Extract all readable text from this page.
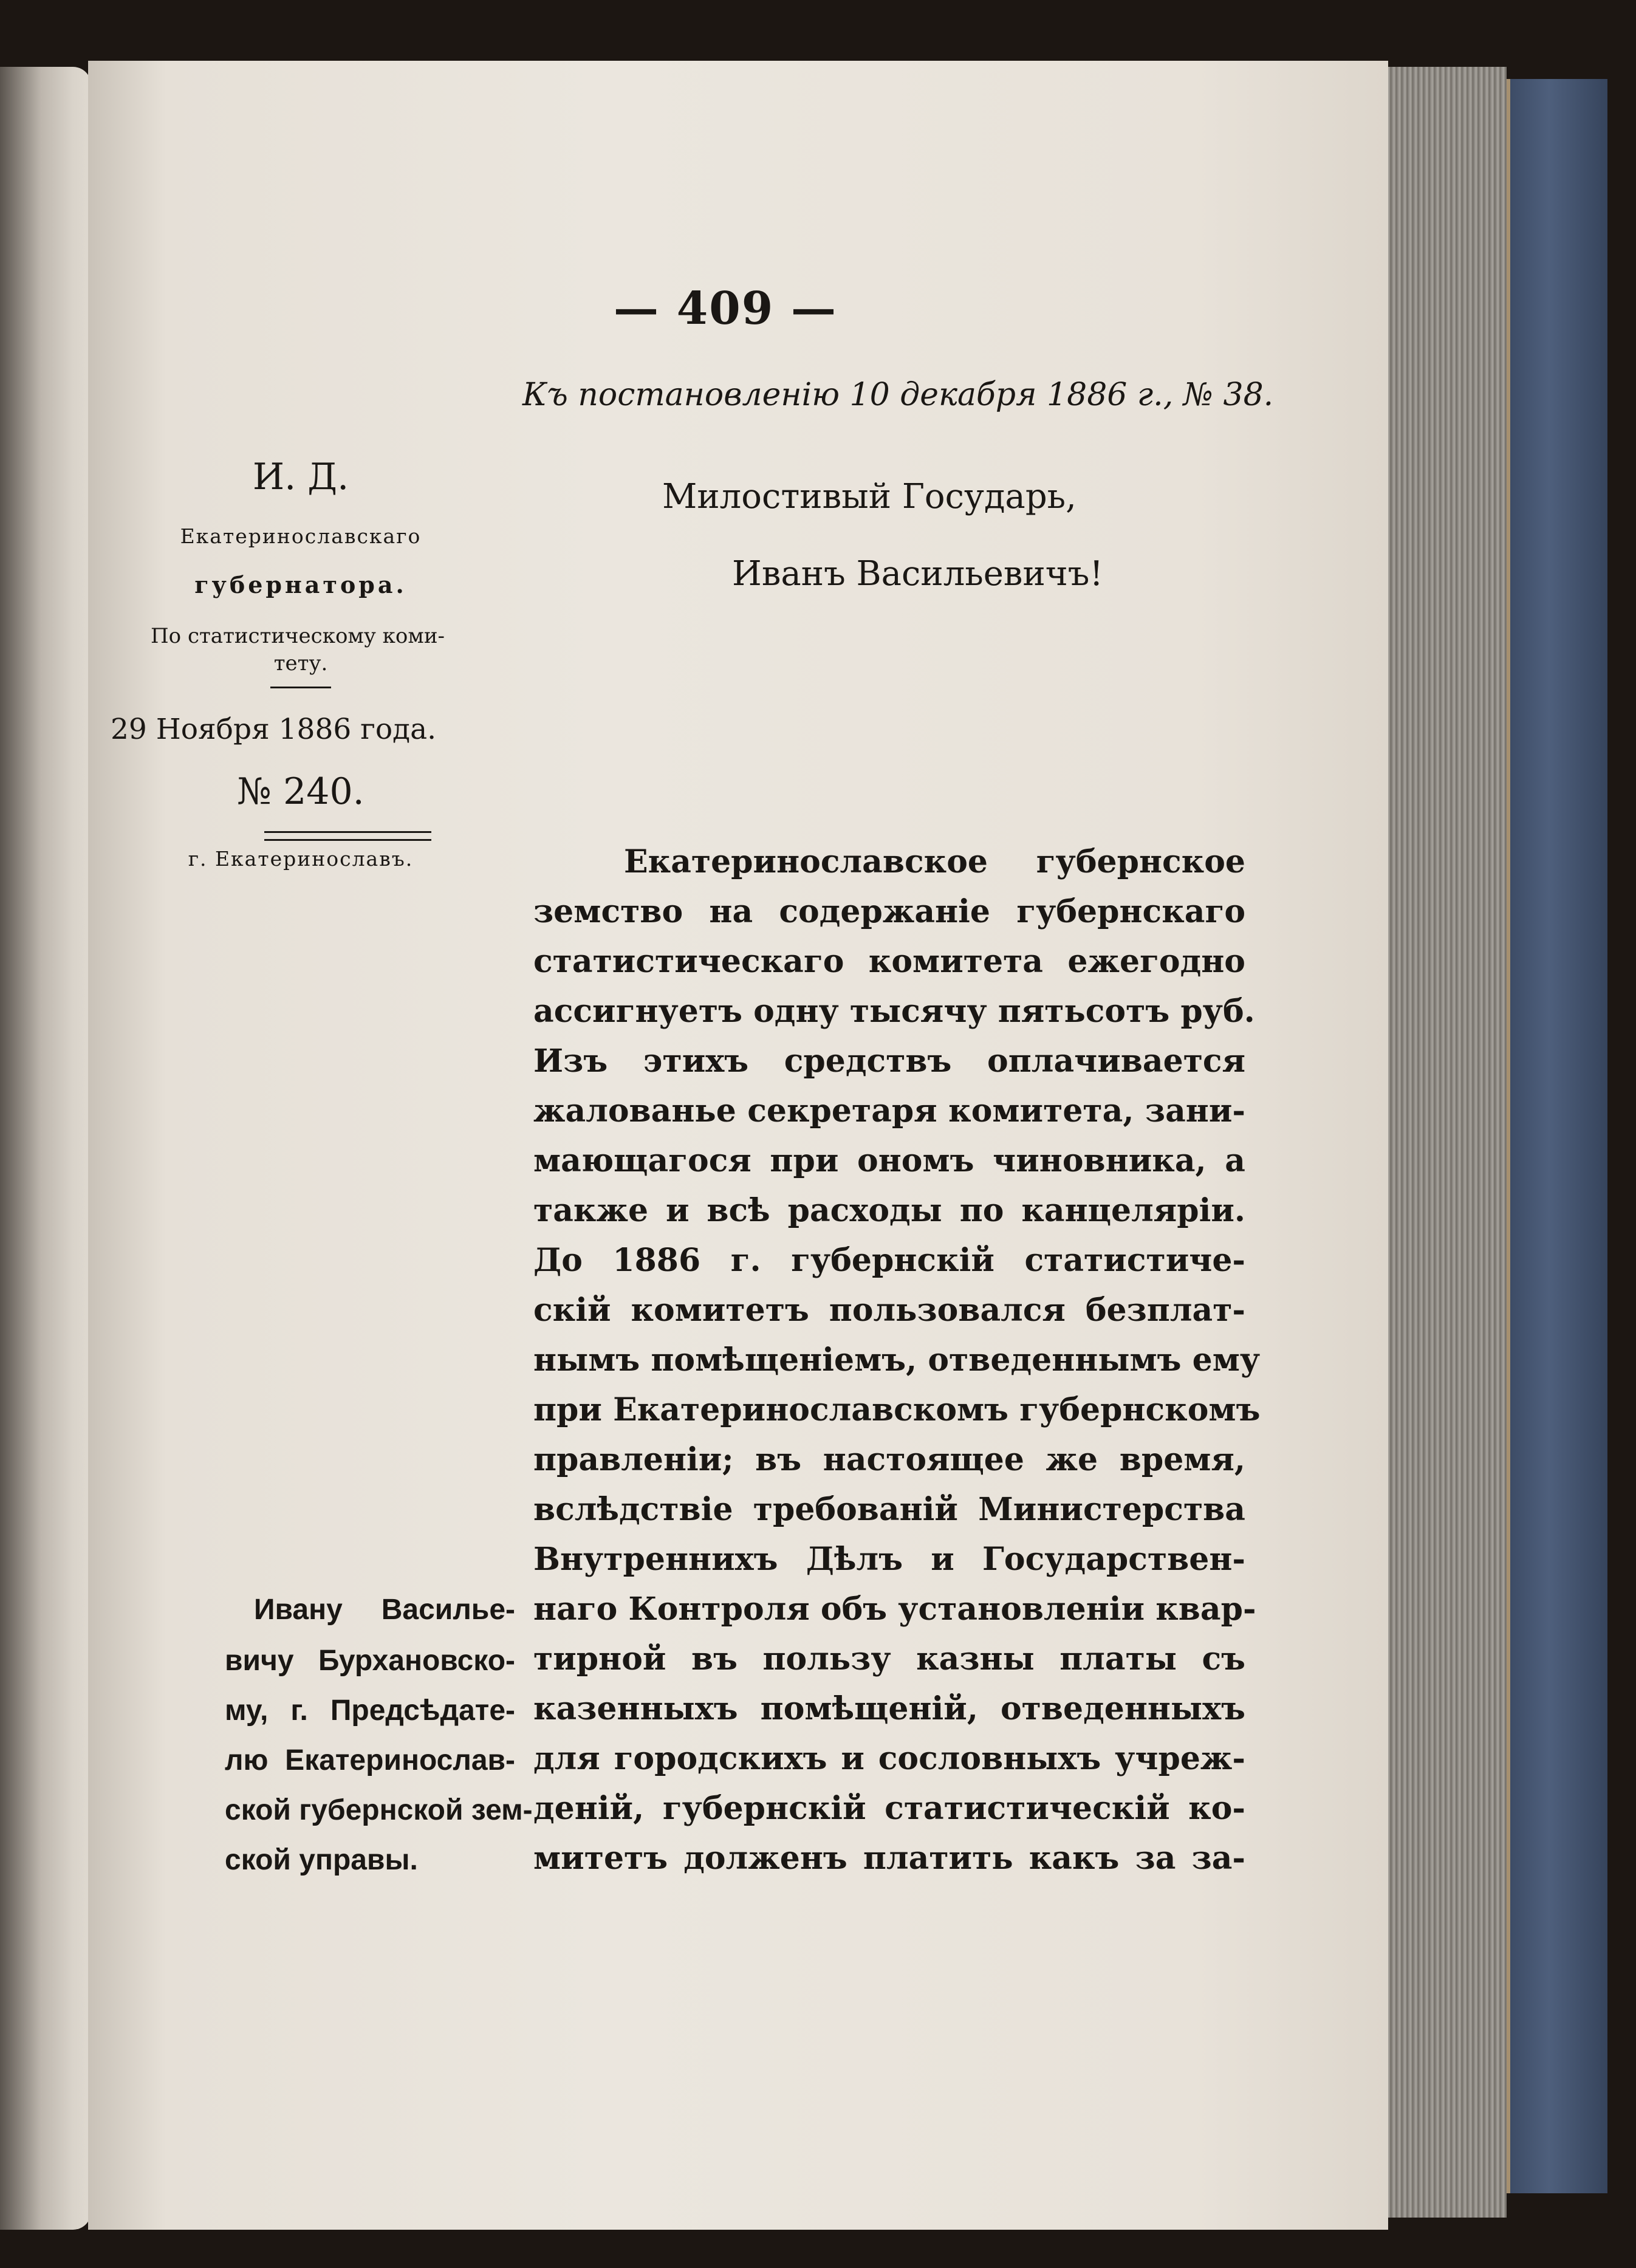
— 409 —

Къ постановленію 10 декабря 1886 г., № 38.

И. Д.

Екатеринославскаго

губернатора.

По статистическому коми-

тету.

29 Ноября 1886 года.

№ 240.

г. Екатеринославъ.

Милостивый Государь,

Иванъ Васильевичъ!

Екатеринославское губернское

земство на содержаніе губернскаго

статистическаго комитета ежегодно

ассигнуетъ одну тысячу пятьсотъ руб.

Изъ этихъ средствъ оплачивается

жалованье секретаря комитета, зани-

мающагося при ономъ чиновника, а

также и всѣ расходы по канцеляріи.

До 1886 г. губернскій статистиче-

скій комитетъ пользовался безплат-

нымъ помѣщеніемъ, отведеннымъ ему

при Екатеринославскомъ губернскомъ

правленіи; въ настоящее же время,

вслѣдствіе требованій Министерства

Внутреннихъ Дѣлъ и Государствен-

наго Контроля объ установленіи квар-

тирной въ пользу казны платы съ

казенныхъ помѣщеній, отведенныхъ

для городскихъ и сословныхъ учреж-

деній, губернскій статистическій ко-

митетъ долженъ платить какъ за за-

Ивану Василье-

вичу Бурхановско-

му, г. Предсѣдате-

лю Екатеринослав-

ской губернской зем-

ской управы.
